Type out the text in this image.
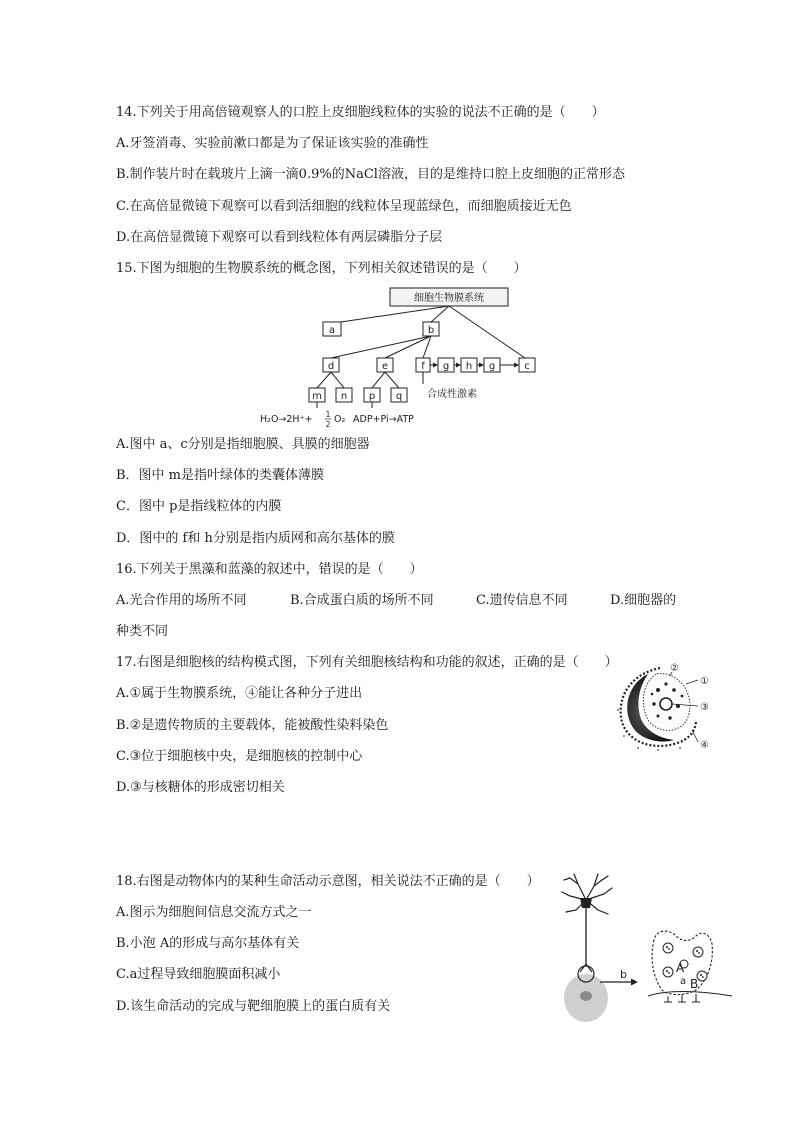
14.下列关于用高倍镜观察人的口腔上皮细胞线粒体的实验的说法不正确的是（　　）
A.牙签消毒、实验前漱口都是为了保证该实验的准确性
B.制作装片时在载玻片上滴一滴0.9%的NaCl溶液，目的是维持口腔上皮细胞的正常形态
C.在高倍显微镜下观察可以看到活细胞的线粒体呈现蓝绿色，而细胞质接近无色
D.在高倍显微镜下观察可以看到线粒体有两层磷脂分子层
15.下图为细胞的生物膜系统的概念图，下列相关叙述错误的是（　　）
细胞生物膜系统
a	b
d	e	f g h g	c
m n p q 合成性激素
H₂O→2H⁺+ 1
2 O₂ ADP+Pi→ATP
A.图中 a、c分别是指细胞膜、具膜的细胞器
B．图中 m是指叶绿体的类囊体薄膜
C．图中 p是指线粒体的内膜
D．图中的 f和 h分别是指内质网和高尔基体的膜
16.下列关于黑藻和蓝藻的叙述中，错误的是（　　）
A.光合作用的场所不同	B.合成蛋白质的场所不同	C.遗传信息不同	D.细胞器的
种类不同
17.右图是细胞核的结构模式图，下列有关细胞核结构和功能的叙述，正确的是（　　）
A.①属于生物膜系统，④能让各种分子进出
B.②是遗传物质的主要载体，能被酸性染料染色
C.③位于细胞核中央，是细胞核的控制中心
D.③与核糖体的形成密切相关
②
①
③
④
18.右图是动物体内的某种生命活动示意图，相关说法不正确的是（　　）
A.图示为细胞间信息交流方式之一
B.小泡 A的形成与高尔基体有关
C.a过程导致细胞膜面积减小
D.该生命活动的完成与靶细胞膜上的蛋白质有关
b	A
a B
